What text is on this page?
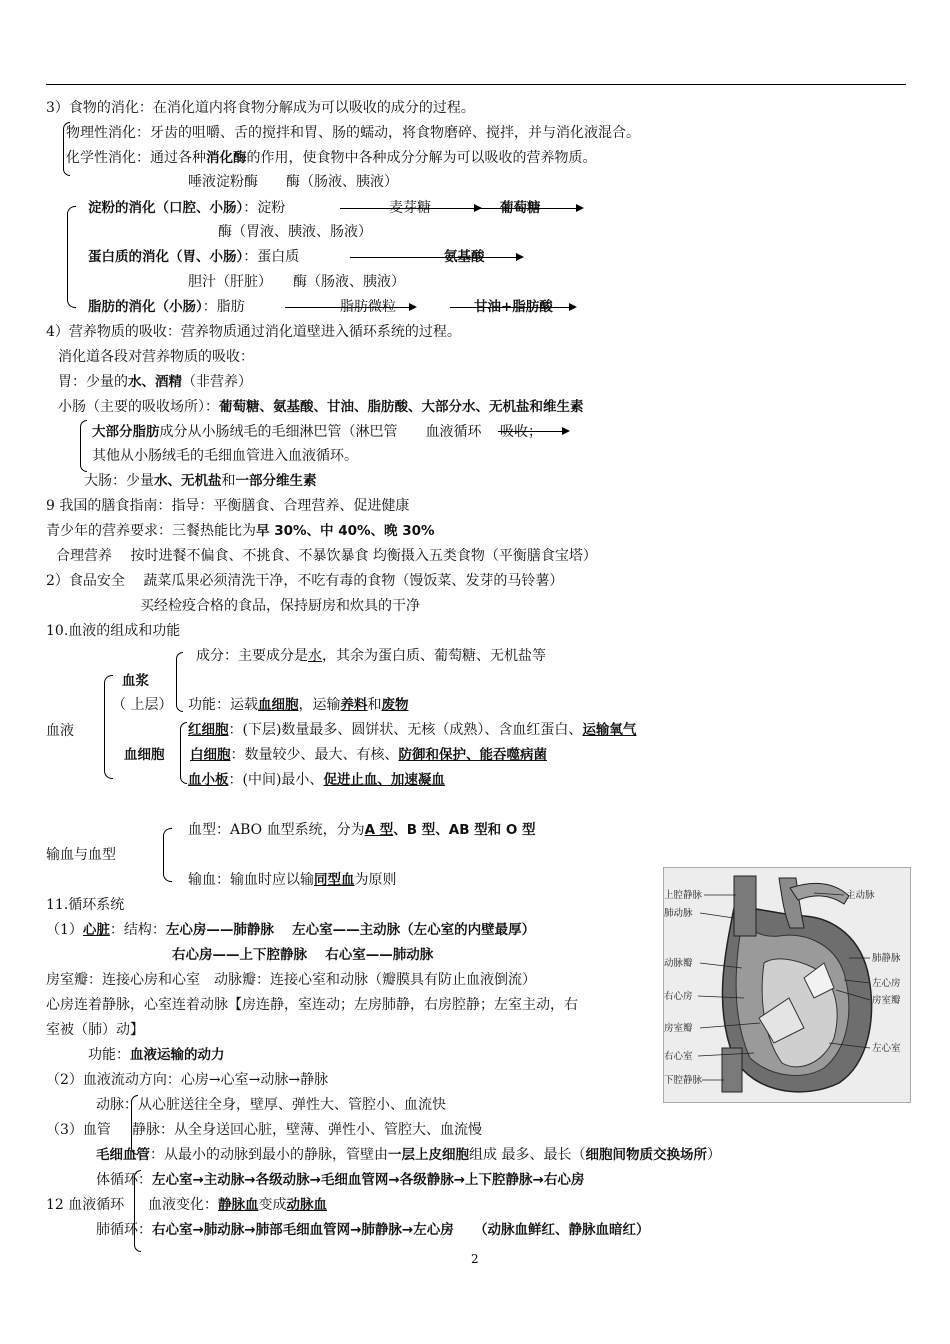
3）食物的消化：在消化道内将食物分解成为可以吸收的成分的过程。
物理性消化：牙齿的咀嚼、舌的搅拌和胃、肠的蠕动，将食物磨碎、搅拌，并与消化液混合。
化学性消化：通过各种消化酶的作用，使食物中各种成分分解为可以吸收的营养物质。
唾液淀粉酶　　酶（肠液、胰液）
淀粉的消化（口腔、小肠）：淀粉	麦芽糖	葡萄糖
酶（胃液、胰液、肠液）
蛋白质的消化（胃、小肠）：蛋白质	氨基酸
胆汁（肝脏）　　酶（肠液、胰液）
脂肪的消化（小肠）：脂肪	脂肪微粒	甘油+脂肪酸
4）营养物质的吸收：营养物质通过消化道壁进入循环系统的过程。
消化道各段对营养物质的吸收：
胃：少量的水、酒精（非营养）
小肠（主要的吸收场所）：葡萄糖、氨基酸、甘油、脂肪酸、大部分水、无机盐和维生素
大部分脂肪成分从小肠绒毛的毛细淋巴管（淋巴管　　血液循环　 吸收；
其他从小肠绒毛的毛细血管进入血液循环。
大肠：少量水、无机盐和一部分维生素
9 我国的膳食指南：指导：平衡膳食、合理营养、促进健康
青少年的营养要求：三餐热能比为早 30%、中 40%、晚 30%
合理营养　 按时进餐不偏食、不挑食、不暴饮暴食 均衡摄入五类食物（平衡膳食宝塔）
2）食品安全　 蔬菜瓜果必须清洗干净，不吃有毒的食物（馒饭菜、发芽的马铃薯）
买经检疫合格的食品，保持厨房和炊具的干净
10.血液的组成和功能
血液
血浆
（ 上层）
成分：主要成分是水，其余为蛋白质、葡萄糖、无机盐等
功能：运载血细胞，运输养料和废物
血细胞
红细胞：(下层)数量最多、圆饼状、无核（成熟）、含血红蛋白、运输氧气
白细胞：数量较少、最大、有核、防御和保护、能吞噬病菌
血小板：(中间)最小、促进止血、加速凝血
输血与血型
血型：ABO 血型系统，分为A 型、B 型、AB 型和 O 型
输血：输血时应以输同型血为原则
11.循环系统
（1）心脏：结构：左心房——肺静脉　 左心室——主动脉（左心室的内壁最厚）
右心房——上下腔静脉　 右心室——肺动脉
房室瓣：连接心房和心室　动脉瓣：连接心室和动脉（瓣膜具有防止血液倒流）
心房连着静脉，心室连着动脉【房连静，室连动；左房肺静，右房腔静；左室主动，右
室被（肺）动】
功能：血液运输的动力
（2）血液流动方向：心房→心室→动脉→静脉
动脉：从心脏送往全身，壁厚、弹性大、管腔小、血流快
（3）血管 静脉：从全身送回心脏，壁薄、弹性小、管腔大、血流慢
毛细血管：从最小的动脉到最小的静脉，管壁由一层上皮细胞组成 最多、最长（细胞间物质交换场所）
体循环：左心室→主动脉→各级动脉→毛细血管网→各级静脉→上下腔静脉→右心房
12 血液循环 血液变化：静脉血变成动脉血
肺循环：右心室→肺动脉→肺部毛细血管网→肺静脉→左心房　　（动脉血鲜红、静脉血暗红）
2
上腔静脉
肺动脉
动脉瓣
右心房
房室瓣
右心室
下腔静脉
主动脉
肺静脉
左心房
房室瓣
左心室
